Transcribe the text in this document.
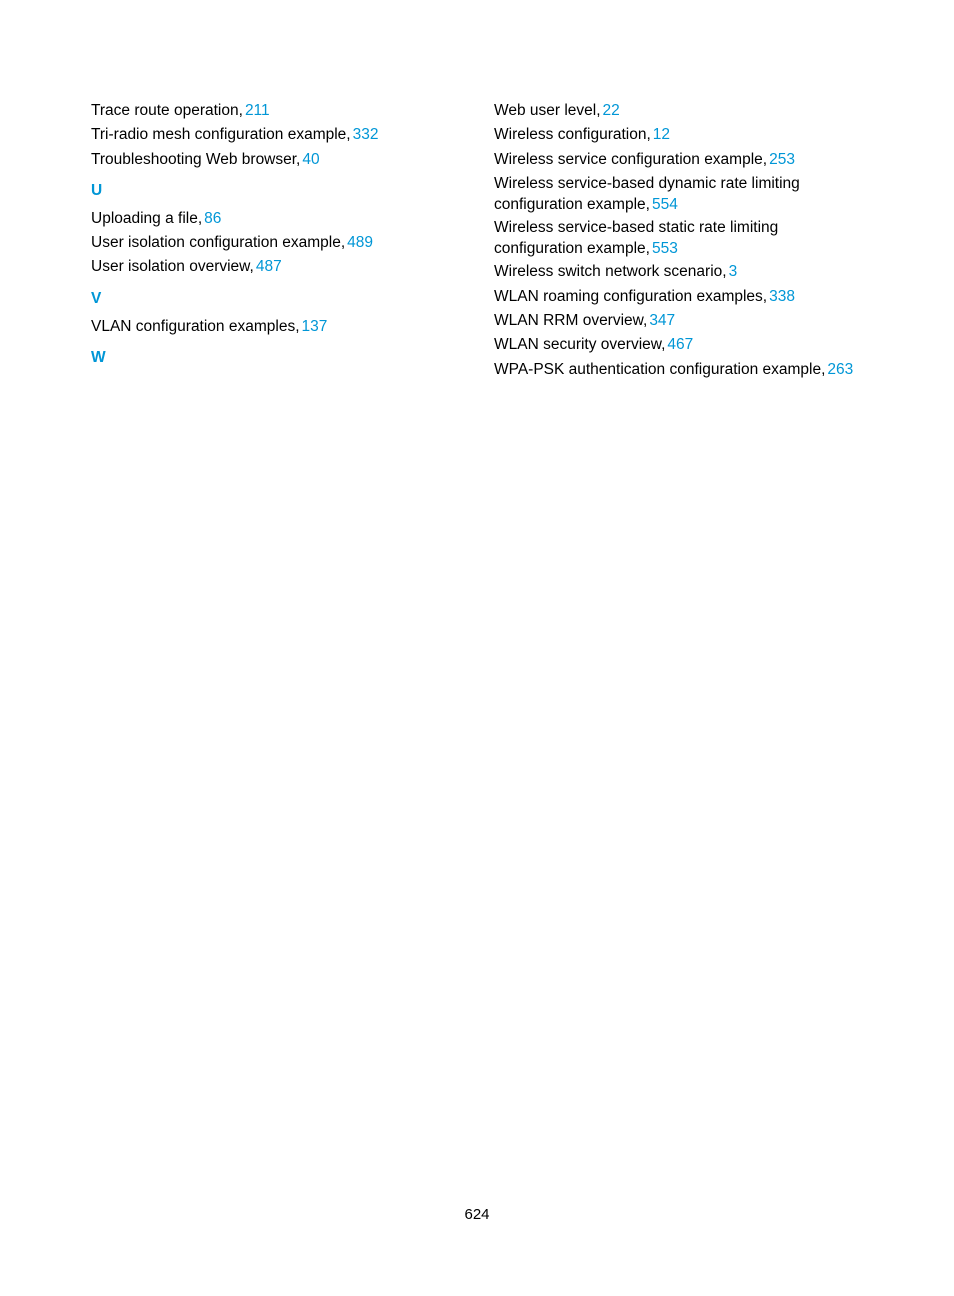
Trace route operation, 211

Tri-radio mesh configuration example, 332

Troubleshooting Web browser, 40

U

Uploading a file, 86

User isolation configuration example, 489

User isolation overview, 487

V

VLAN configuration examples, 137

W

Web user level, 22

Wireless configuration, 12

Wireless service configuration example, 253

Wireless service-based dynamic rate limiting configuration example, 554

Wireless service-based static rate limiting configuration example, 553

Wireless switch network scenario, 3

WLAN roaming configuration examples, 338

WLAN RRM overview, 347

WLAN security overview, 467

WPA-PSK authentication configuration example, 263

624
